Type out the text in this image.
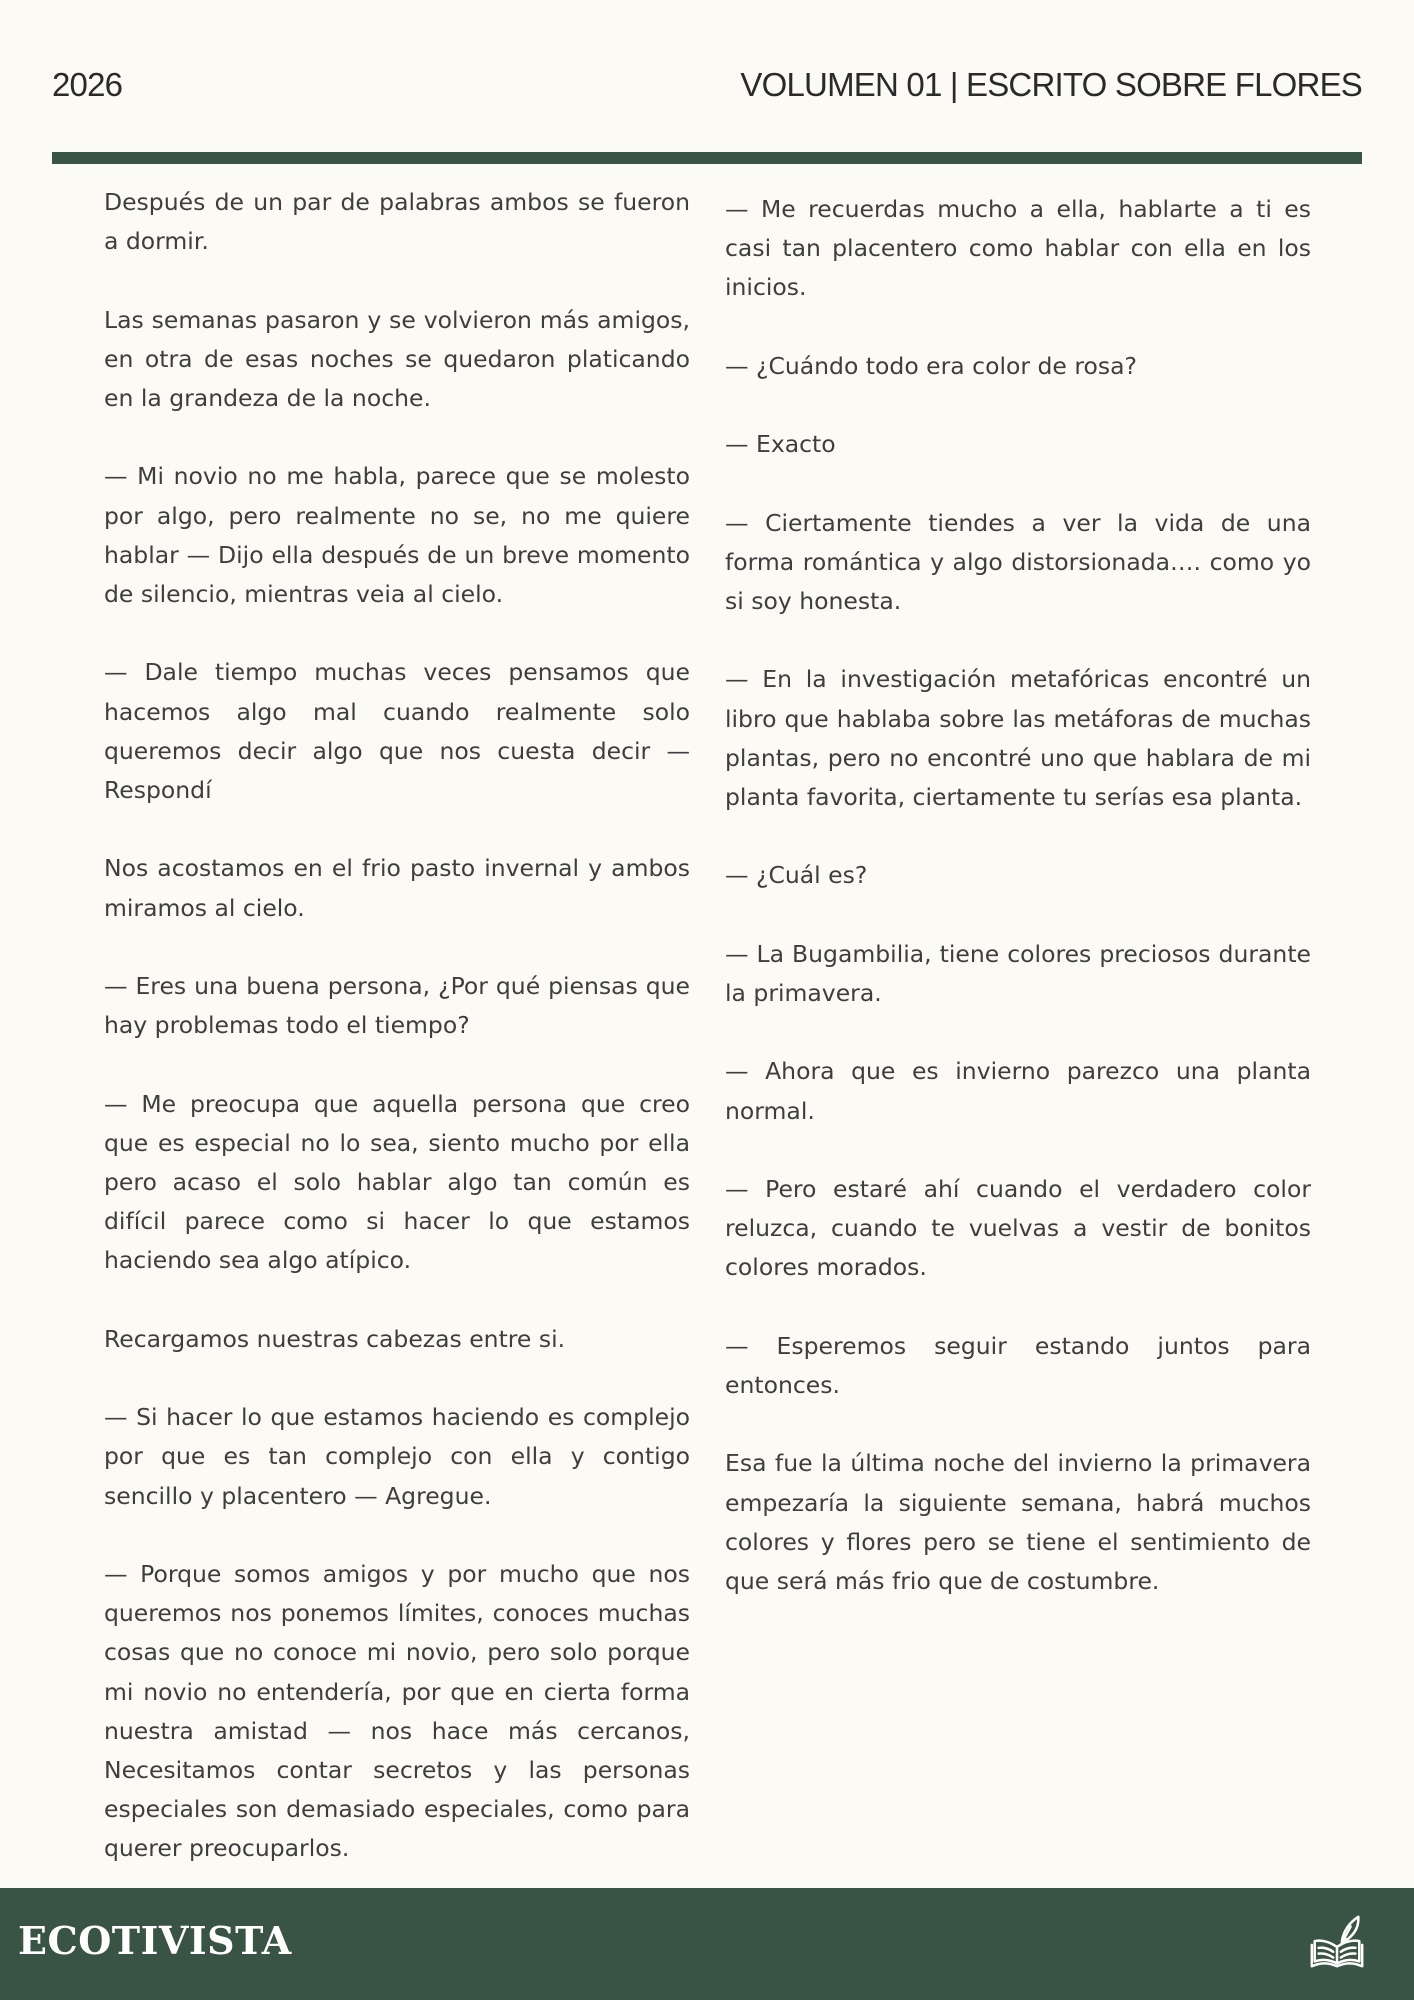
2026	VOLUMEN 01 | ESCRITO SOBRE FLORES

Después de un par de palabras ambos se fueron a dormir.

Las semanas pasaron y se volvieron más amigos, en otra de esas noches se quedaron platicando en la grandeza de la noche.

— Mi novio no me habla, parece que se molesto por algo, pero realmente no se, no me quiere hablar — Dijo ella después de un breve momento de silencio, mientras veia al cielo.

— Dale tiempo muchas veces pensamos que hacemos algo mal cuando realmente solo queremos decir algo que nos cuesta decir — Respondí

Nos acostamos en el frio pasto invernal y ambos miramos al cielo.

— Eres una buena persona, ¿Por qué piensas que hay problemas todo el tiempo?

— Me preocupa que aquella persona que creo que es especial no lo sea, siento mucho por ella pero acaso el solo hablar algo tan común es difícil parece como si hacer lo que estamos haciendo sea algo atípico.

Recargamos nuestras cabezas entre si.

— Si hacer lo que estamos haciendo es complejo por que es tan complejo con ella y contigo sencillo y placentero — Agregue.

— Porque somos amigos y por mucho que nos queremos nos ponemos límites, conoces muchas cosas que no conoce mi novio, pero solo porque mi novio no entendería, por que en cierta forma nuestra amistad — nos hace más cercanos, Necesitamos contar secretos y las personas especiales son demasiado especiales, como para querer preocuparlos.

— Me recuerdas mucho a ella, hablarte a ti es casi tan placentero como hablar con ella en los inicios.

— ¿Cuándo todo era color de rosa?

— Exacto

— Ciertamente tiendes a ver la vida de una forma romántica y algo distorsionada…. como yo si soy honesta.

— En la investigación metafóricas encontré un libro que hablaba sobre las metáforas de muchas plantas, pero no encontré uno que hablara de mi planta favorita, ciertamente tu serías esa planta.

— ¿Cuál es?

— La Bugambilia, tiene colores preciosos durante la primavera.

— Ahora que es invierno parezco una planta normal.

— Pero estaré ahí cuando el verdadero color reluzca, cuando te vuelvas a vestir de bonitos colores morados.

— Esperemos seguir estando juntos para entonces.

Esa fue la última noche del invierno la primavera empezaría la siguiente semana, habrá muchos colores y flores pero se tiene el sentimiento de que será más frio que de costumbre.

ECOTIVISTA
